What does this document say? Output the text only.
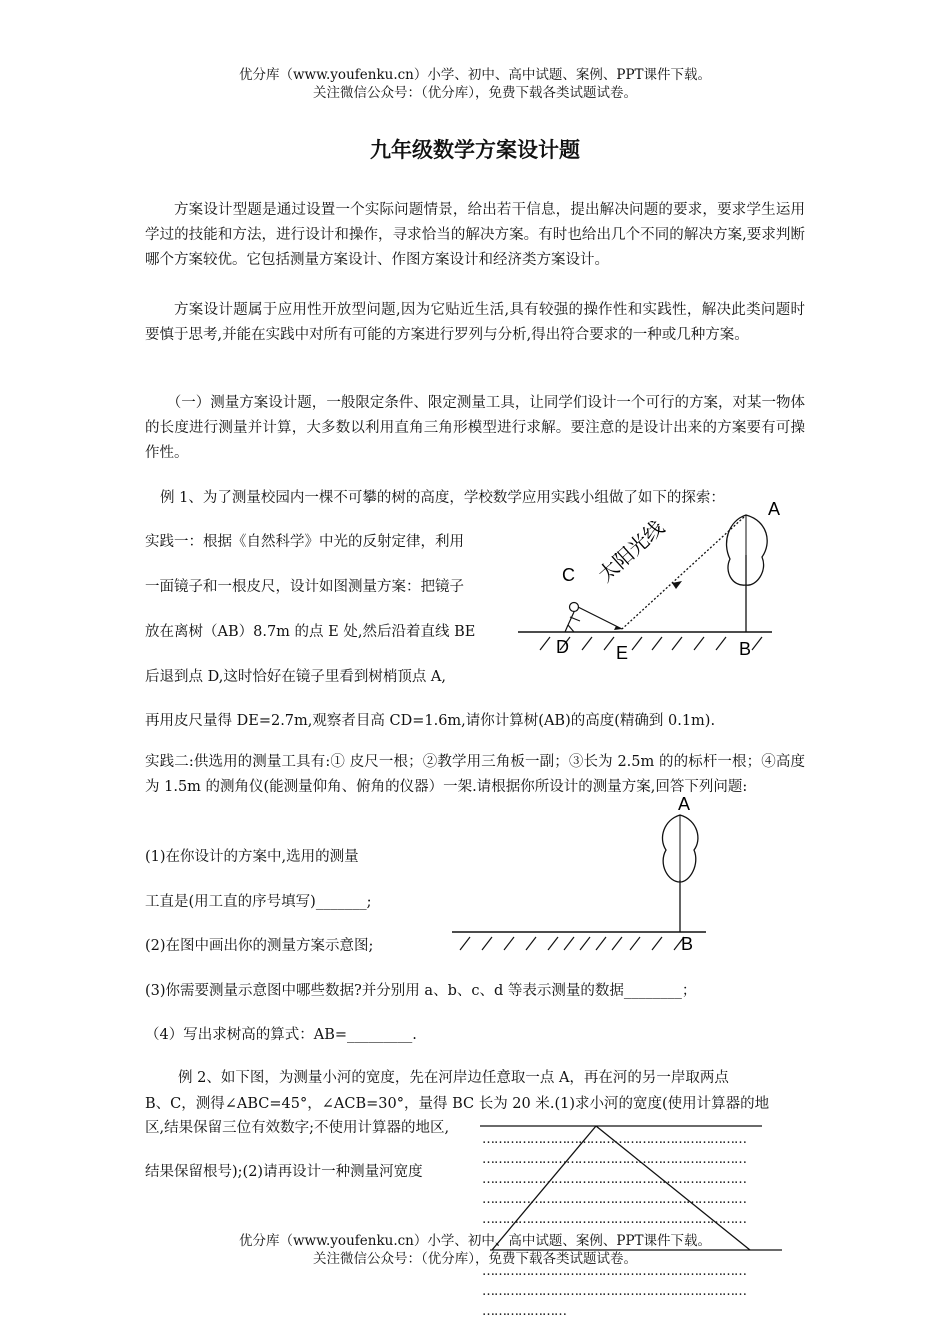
优分库（www.youfenku.cn）小学、初中、高中试题、案例、PPT课件下载。
关注微信公众号：（优分库），免费下载各类试题试卷。
九年级数学方案设计题
方案设计型题是通过设置一个实际问题情景，给出若干信息，提出解决问题的要求，要求学生运用学过的技能和方法，进行设计和操作，寻求恰当的解决方案。有时也给出几个不同的解决方案,要求判断哪个方案较优。它包括测量方案设计、作图方案设计和经济类方案设计。
方案设计题属于应用性开放型问题,因为它贴近生活,具有较强的操作性和实践性，解决此类问题时要慎于思考,并能在实践中对所有可能的方案进行罗列与分析,得出符合要求的一种或几种方案。
（一）测量方案设计题，一般限定条件、限定测量工具，让同学们设计一个可行的方案，对某一物体的长度进行测量并计算，大多数以利用直角三角形模型进行求解。要注意的是设计出来的方案要有可操作性。
例 1、为了测量校园内一棵不可攀的树的高度，学校数学应用实践小组做了如下的探索：
实践一：根据《自然科学》中光的反射定律，利用
一面镜子和一根皮尺，设计如图测量方案：把镜子
放在离树（AB）8.7m 的点 E 处,然后沿着直线 BE
后退到点 D,这时恰好在镜子里看到树梢顶点 A,
再用皮尺量得 DE=2.7m,观察者目高 CD=1.6m,请你计算树(AB)的高度(精确到 0.1m).
A
C
D	E	B
太阳光线
实践二:供选用的测量工具有:① 皮尺一根；②教学用三角板一副；③长为 2.5m 的的标杆一根；④高度为 1.5m 的测角仪(能测量仰角、俯角的仪器）一架.请根据你所设计的测量方案,回答下列问题:
(1)在你设计的方案中,选用的测量
工直是(用工直的序号填写)_______;
(2)在图中画出你的测量方案示意图;
(3)你需要测量示意图中哪些数据?并分别用 a、b、c、d 等表示测量的数据________；
（4）写出求树高的算式：AB=_________.
A
B
例 2、如下图，为测量小河的宽度，先在河岸边任意取一点 A，再在河的另一岸取两点
B、C，测得∠ABC=45°，∠ACB=30°，量得 BC 长为 20 米.(1)求小河的宽度(使用计算器的地
区,结果保留三位有效数字;不使用计算器的地区,
结果保留根号);(2)请再设计一种测量河宽度
…………………………………………………………
…………………………………………………………
…………………………………………………………
…………………………………………………………
…………………………………………………………
…………………………………………………………
…………………………………………………………
…………………
优分库（www.youfenku.cn）小学、初中、高中试题、案例、PPT课件下载。
关注微信公众号：（优分库），免费下载各类试题试卷。
